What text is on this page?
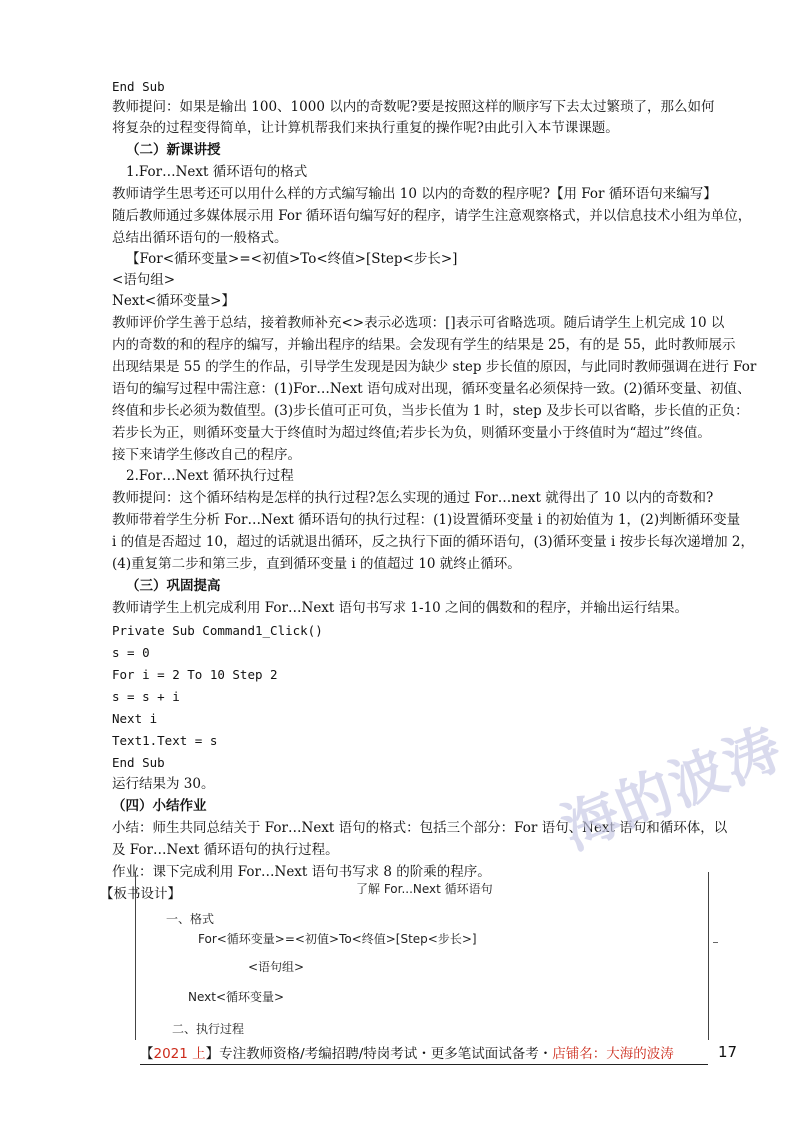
End Sub
教师提问：如果是输出 100、1000 以内的奇数呢?要是按照这样的顺序写下去太过繁琐了，那么如何
将复杂的过程变得简单，让计算机帮我们来执行重复的操作呢?由此引入本节课课题。
（二）新课讲授
1.For…Next 循环语句的格式
教师请学生思考还可以用什么样的方式编写输出 10 以内的奇数的程序呢?【用 For 循环语句来编写】
随后教师通过多媒体展示用 For 循环语句编写好的程序，请学生注意观察格式，并以信息技术小组为单位，
总结出循环语句的一般格式。
【For<循环变量>=<初值>To<终值>[Step<步长>]
<语句组>
Next<循环变量>】
教师评价学生善于总结，接着教师补充<>表示必选项：[]表示可省略选项。随后请学生上机完成 10 以
内的奇数的和的程序的编写，并输出程序的结果。会发现有学生的结果是 25，有的是 55，此时教师展示
出现结果是 55 的学生的作品，引导学生发现是因为缺少 step 步长值的原因，与此同时教师强调在进行 For
语句的编写过程中需注意：(1)For…Next 语句成对出现，循环变量名必须保持一致。(2)循环变量、初值、
终值和步长必须为数值型。(3)步长值可正可负，当步长值为 1 时，step 及步长可以省略，步长值的正负：
若步长为正，则循环变量大于终值时为超过终值;若步长为负，则循环变量小于终值时为“超过”终值。
接下来请学生修改自己的程序。
2.For…Next 循环执行过程
教师提问：这个循环结构是怎样的执行过程?怎么实现的通过 For…next 就得出了 10 以内的奇数和?
教师带着学生分析 For…Next 循环语句的执行过程：(1)设置循环变量 i 的初始值为 1，(2)判断循环变量
i 的值是否超过 10，超过的话就退出循环，反之执行下面的循环语句，(3)循环变量 i 按步长每次递增加 2，
(4)重复第二步和第三步，直到循环变量 i 的值超过 10 就终止循环。
（三）巩固提高
教师请学生上机完成利用 For…Next 语句书写求 1-10 之间的偶数和的程序，并输出运行结果。
Private Sub Command1_Click()
s = 0
For i = 2 To 10 Step 2
s = s + i
Next i
Text1.Text = s
End Sub
运行结果为 30。
（四）小结作业
小结：师生共同总结关于 For…Next 语句的格式：包括三个部分：For 语句、Next 语句和循环体，以
及 For…Next 循环语句的执行过程。
作业：课下完成利用 For…Next 语句书写求 8 的阶乘的程序。
【板书设计】
海的波涛
了解 For...Next 循环语句
一、格式
For<循环变量>=<初值>To<终值>[Step<步长>]
<语句组>
Next<循环变量>
二、执行过程
【2021 上】专注教师资格/考编招聘/特岗考试・更多笔试面试备考・店铺名：大海的波涛	17
